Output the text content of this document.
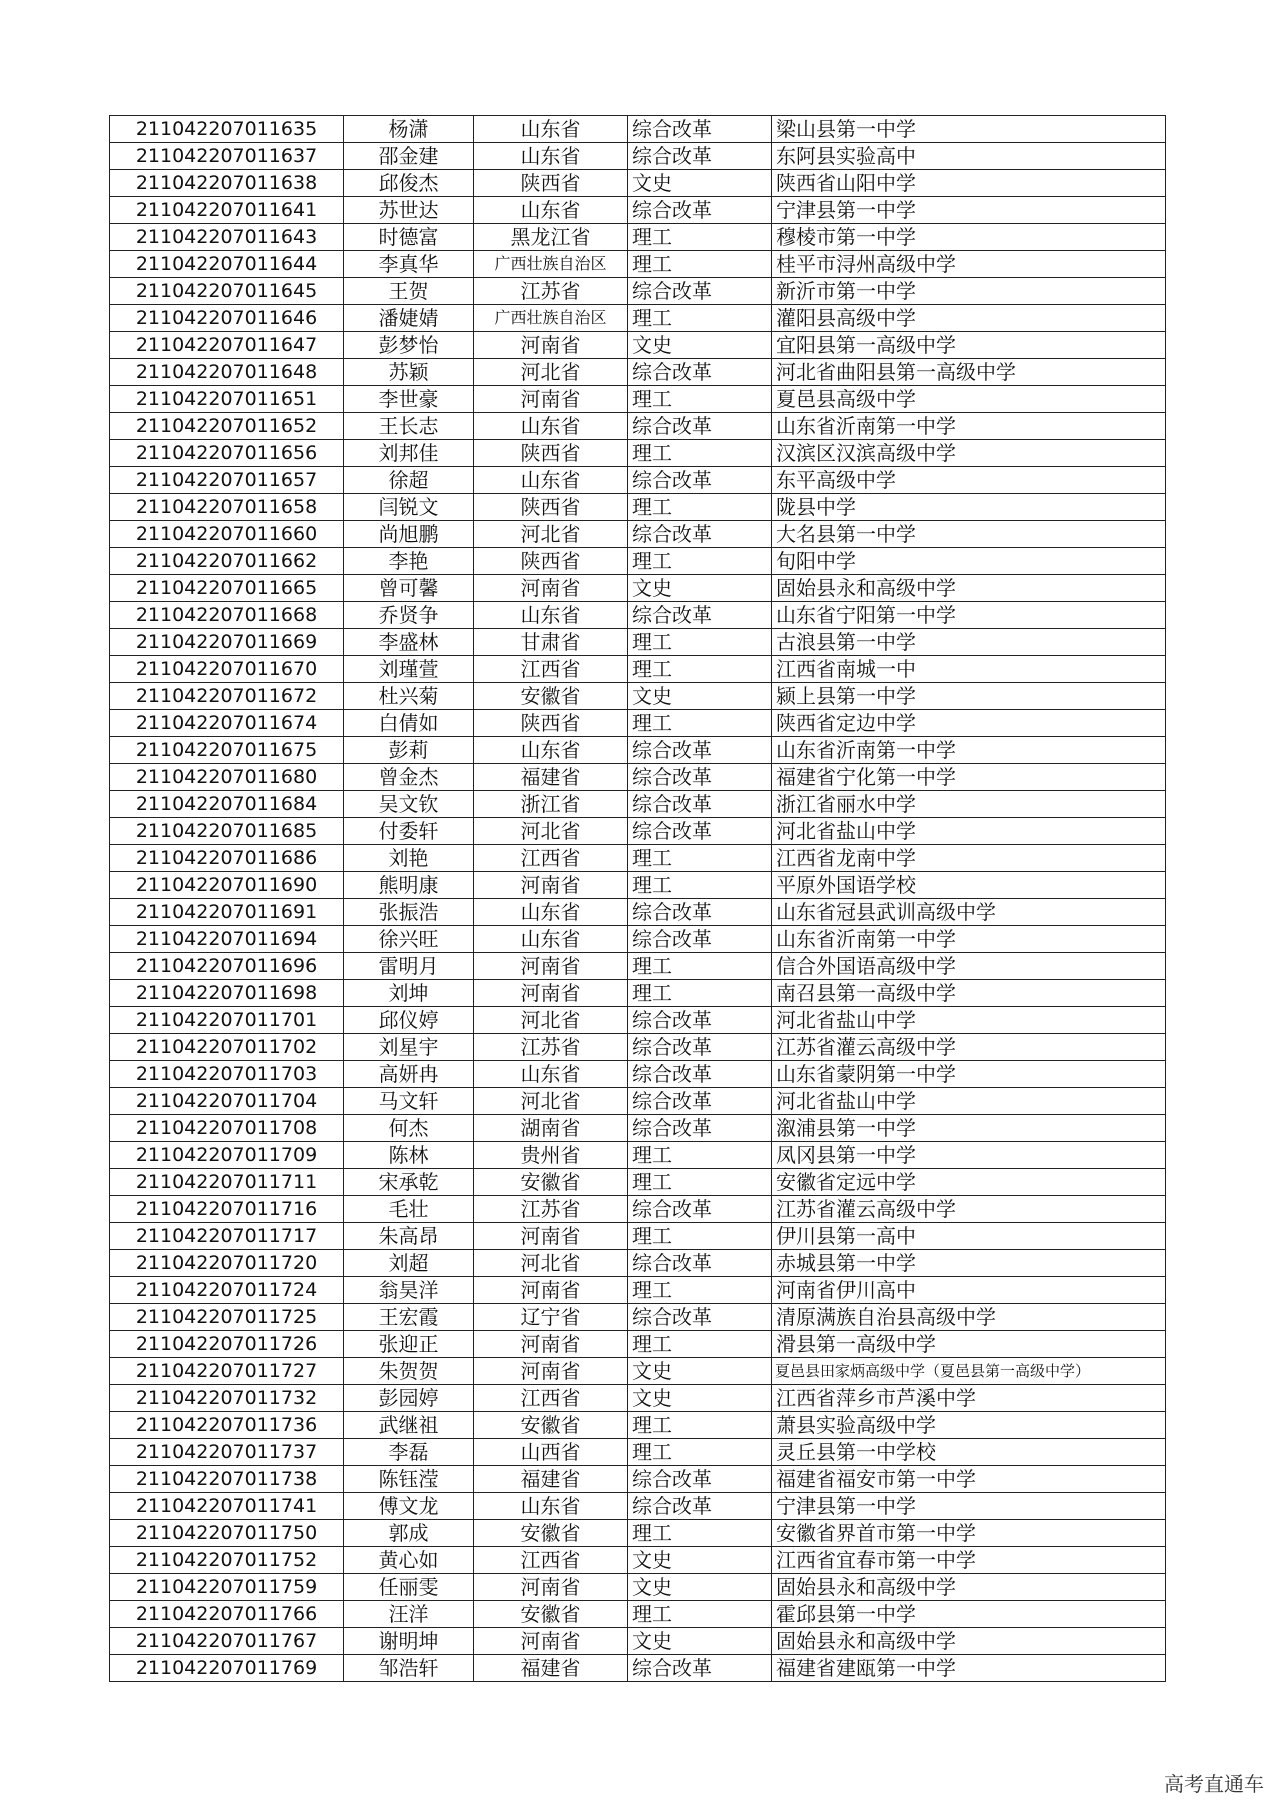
211042207011635	杨潇	山东省	综合改革	梁山县第一中学
211042207011637	邵金建	山东省	综合改革	东阿县实验高中
211042207011638	邱俊杰	陕西省	文史	陕西省山阳中学
211042207011641	苏世达	山东省	综合改革	宁津县第一中学
211042207011643	时德富	黑龙江省	理工	穆棱市第一中学
211042207011644	李真华	广西壮族自治区	理工	桂平市浔州高级中学
211042207011645	王贺	江苏省	综合改革	新沂市第一中学
211042207011646	潘婕婧	广西壮族自治区	理工	灌阳县高级中学
211042207011647	彭梦怡	河南省	文史	宜阳县第一高级中学
211042207011648	苏颖	河北省	综合改革	河北省曲阳县第一高级中学
211042207011651	李世豪	河南省	理工	夏邑县高级中学
211042207011652	王长志	山东省	综合改革	山东省沂南第一中学
211042207011656	刘邦佳	陕西省	理工	汉滨区汉滨高级中学
211042207011657	徐超	山东省	综合改革	东平高级中学
211042207011658	闫锐文	陕西省	理工	陇县中学
211042207011660	尚旭鹏	河北省	综合改革	大名县第一中学
211042207011662	李艳	陕西省	理工	旬阳中学
211042207011665	曾可馨	河南省	文史	固始县永和高级中学
211042207011668	乔贤争	山东省	综合改革	山东省宁阳第一中学
211042207011669	李盛林	甘肃省	理工	古浪县第一中学
211042207011670	刘瑾萱	江西省	理工	江西省南城一中
211042207011672	杜兴菊	安徽省	文史	颍上县第一中学
211042207011674	白倩如	陕西省	理工	陕西省定边中学
211042207011675	彭莉	山东省	综合改革	山东省沂南第一中学
211042207011680	曾金杰	福建省	综合改革	福建省宁化第一中学
211042207011684	吴文钦	浙江省	综合改革	浙江省丽水中学
211042207011685	付委轩	河北省	综合改革	河北省盐山中学
211042207011686	刘艳	江西省	理工	江西省龙南中学
211042207011690	熊明康	河南省	理工	平原外国语学校
211042207011691	张振浩	山东省	综合改革	山东省冠县武训高级中学
211042207011694	徐兴旺	山东省	综合改革	山东省沂南第一中学
211042207011696	雷明月	河南省	理工	信合外国语高级中学
211042207011698	刘坤	河南省	理工	南召县第一高级中学
211042207011701	邱仪婷	河北省	综合改革	河北省盐山中学
211042207011702	刘星宇	江苏省	综合改革	江苏省灌云高级中学
211042207011703	高妍冉	山东省	综合改革	山东省蒙阴第一中学
211042207011704	马文轩	河北省	综合改革	河北省盐山中学
211042207011708	何杰	湖南省	综合改革	溆浦县第一中学
211042207011709	陈林	贵州省	理工	凤冈县第一中学
211042207011711	宋承乾	安徽省	理工	安徽省定远中学
211042207011716	毛壮	江苏省	综合改革	江苏省灌云高级中学
211042207011717	朱高昂	河南省	理工	伊川县第一高中
211042207011720	刘超	河北省	综合改革	赤城县第一中学
211042207011724	翁昊洋	河南省	理工	河南省伊川高中
211042207011725	王宏霞	辽宁省	综合改革	清原满族自治县高级中学
211042207011726	张迎正	河南省	理工	滑县第一高级中学
211042207011727	朱贺贺	河南省	文史	夏邑县田家炳高级中学（夏邑县第一高级中学）
211042207011732	彭园婷	江西省	文史	江西省萍乡市芦溪中学
211042207011736	武继祖	安徽省	理工	萧县实验高级中学
211042207011737	李磊	山西省	理工	灵丘县第一中学校
211042207011738	陈钰滢	福建省	综合改革	福建省福安市第一中学
211042207011741	傅文龙	山东省	综合改革	宁津县第一中学
211042207011750	郭成	安徽省	理工	安徽省界首市第一中学
211042207011752	黄心如	江西省	文史	江西省宜春市第一中学
211042207011759	任丽雯	河南省	文史	固始县永和高级中学
211042207011766	汪洋	安徽省	理工	霍邱县第一中学
211042207011767	谢明坤	河南省	文史	固始县永和高级中学
211042207011769	邹浩轩	福建省	综合改革	福建省建瓯第一中学
高考直通车
